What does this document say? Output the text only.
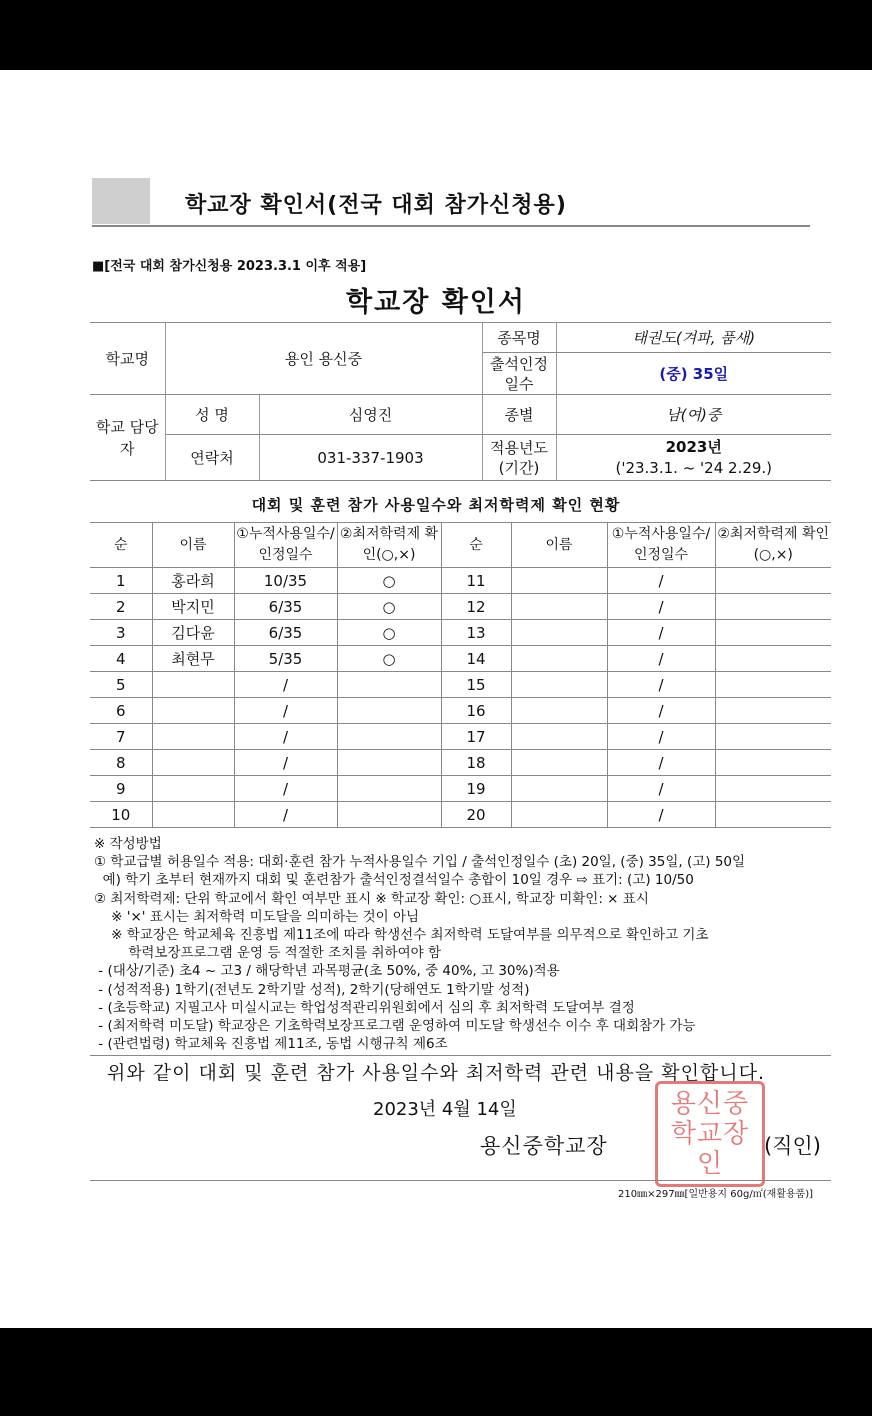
학교장 확인서(전국 대회 참가신청용)
■[전국 대회 참가신청용 2023.3.1 이후 적용]
학교장 확인서
학교명	용인 용신중		종목명	태권도(겨파, 품새)
			출석인정 일수	(중) 35일
학교 담당자	성 명	심영진	종별	남(여)중
	연락처	031-337-1903	적용년도 (기간)	2023년
('23.3.1. ~ '24 2.29.)
대회 및 훈련 참가 사용일수와 최저학력제 확인 현황
순	이름	①누적사용일수/인정일수	②최저학력제 확인(○,×)	순	이름	①누적사용일수/인정일수	②최저학력제 확인(○,×)
1	홍라희	10/35	○	11		/	
2	박지민	6/35	○	12		/	
3	김다윤	6/35	○	13		/	
4	최현무	5/35	○	14		/	
5		/		15		/	
6		/		16		/	
7		/		17		/	
8		/		18		/	
9		/		19		/	
10		/		20		/	
※ 작성방법
① 학교급별 허용일수 적용: 대회·훈련 참가 누적사용일수 기입 / 출석인정일수 (초) 20일, (중) 35일, (고) 50일
예) 학기 초부터 현재까지 대회 및 훈련참가 출석인정결석일수 총합이 10일 경우 ⇨ 표기: (고) 10/50
② 최저학력제: 단위 학교에서 확인 여부만 표시 ※ 학교장 확인: ○표시, 학교장 미확인: × 표시
※ '×' 표시는 최저학력 미도달을 의미하는 것이 아님
※ 학교장은 학교체육 진흥법 제11조에 따라 학생선수 최저학력 도달여부를 의무적으로 확인하고 기초
학력보장프로그램 운영 등 적절한 조치를 취하여야 함
- (대상/기준) 초4 ~ 고3 / 해당학년 과목평균(초 50%, 중 40%, 고 30%)적용
- (성적적용) 1학기(전년도 2학기말 성적), 2학기(당해연도 1학기말 성적)
- (초등학교) 지필고사 미실시교는 학업성적관리위원회에서 심의 후 최저학력 도달여부 결정
- (최저학력 미도달) 학교장은 기초학력보장프로그램 운영하여 미도달 학생선수 이수 후 대회참가 가능
- (관련법령) 학교체육 진흥법 제11조, 동법 시행규칙 제6조
위와 같이 대회 및 훈련 참가 사용일수와 최저학력 관련 내용을 확인합니다.
2023년 4월 14일
용신중학교장
용신중학교장인
(직인)
210㎜×297㎜[일반용지 60g/㎡(재활용품)]
